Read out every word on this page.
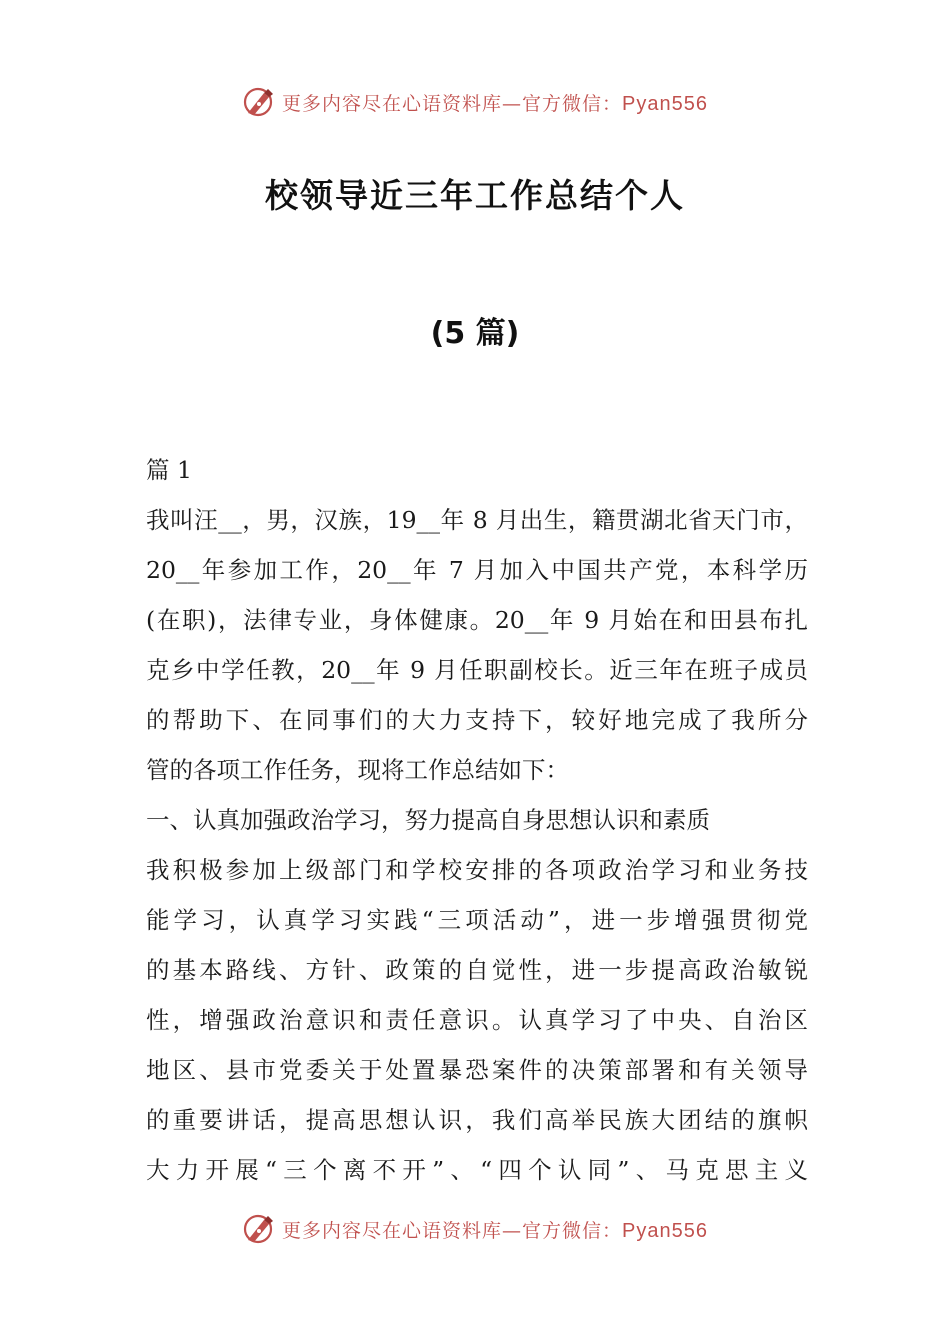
更多内容尽在心语资料库—官方微信：Pyan556
校领导近三年工作总结个人
(5 篇)
篇 1
我叫汪__，男，汉族，19__年 8 月出生，籍贯湖北省天门市，
20__年参加工作，20__年 7 月加入中国共产党，本科学历
(在职)，法律专业，身体健康。20__年 9 月始在和田县布扎
克乡中学任教，20__年 9 月任职副校长。近三年在班子成员
的帮助下、在同事们的大力支持下，较好地完成了我所分
管的各项工作任务，现将工作总结如下：
一、认真加强政治学习，努力提高自身思想认识和素质
我积极参加上级部门和学校安排的各项政治学习和业务技
能学习，认真学习实践“三项活动”，进一步增强贯彻党
的基本路线、方针、政策的自觉性，进一步提高政治敏锐
性，增强政治意识和责任意识。认真学习了中央、自治区
地区、县市党委关于处置暴恐案件的决策部署和有关领导
的重要讲话，提高思想认识，我们高举民族大团结的旗帜
大力开展“三个离不开”、“四个认同”、马克思主义
更多内容尽在心语资料库—官方微信：Pyan556
